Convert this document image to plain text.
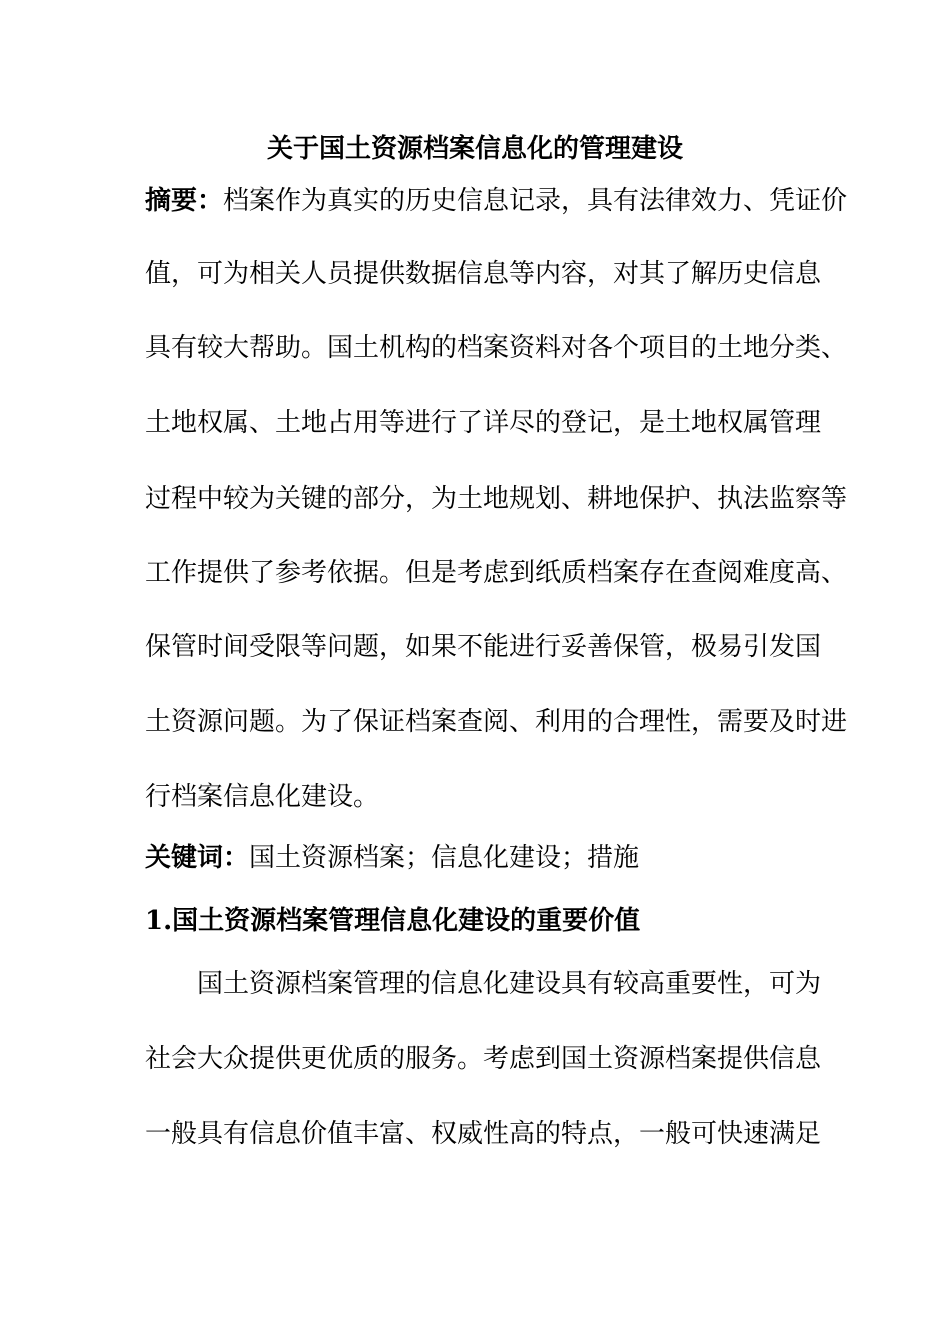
关于国土资源档案信息化的管理建设

摘要：档案作为真实的历史信息记录，具有法律效力、凭证价

值，可为相关人员提供数据信息等内容，对其了解历史信息

具有较大帮助。国土机构的档案资料对各个项目的土地分类、

土地权属、土地占用等进行了详尽的登记，是土地权属管理

过程中较为关键的部分，为土地规划、耕地保护、执法监察等

工作提供了参考依据。但是考虑到纸质档案存在查阅难度高、

保管时间受限等问题，如果不能进行妥善保管，极易引发国

土资源问题。为了保证档案查阅、利用的合理性，需要及时进

行档案信息化建设。

关键词：国土资源档案；信息化建设；措施

1.国土资源档案管理信息化建设的重要价值

国土资源档案管理的信息化建设具有较高重要性，可为

社会大众提供更优质的服务。考虑到国土资源档案提供信息

一般具有信息价值丰富、权威性高的特点，一般可快速满足
